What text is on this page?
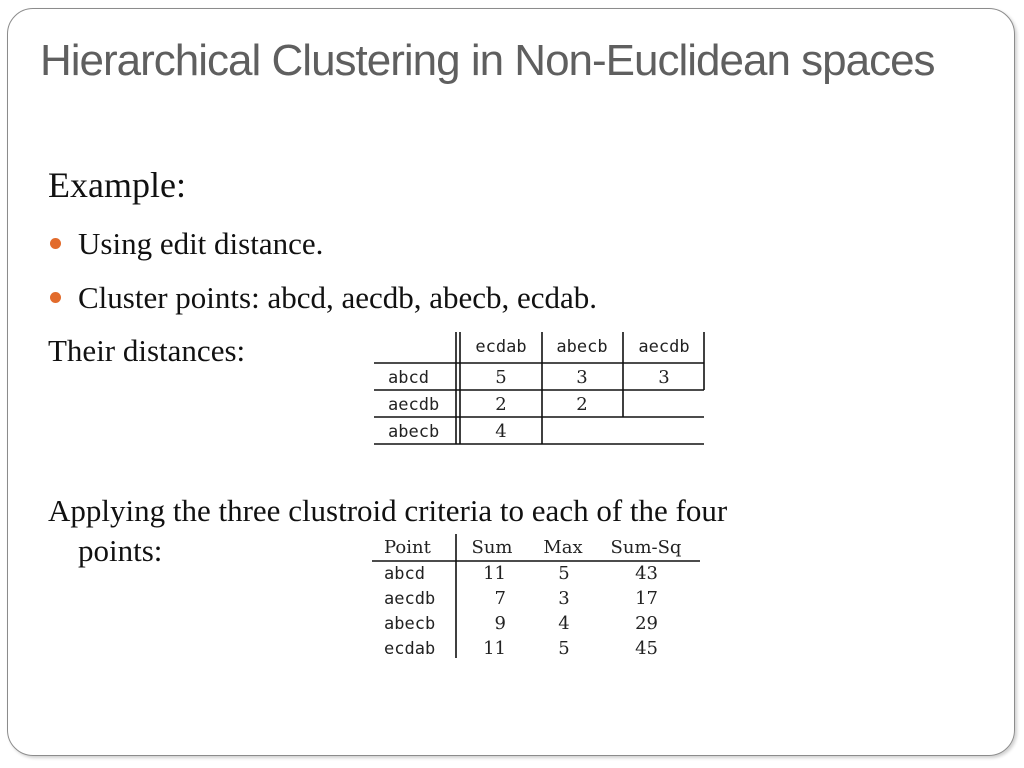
Hierarchical Clustering in Non-Euclidean spaces
Example:
Using edit distance.
Cluster points: abcd, aecdb, abecb, ecdab.
Their distances:	ecdab abecb aecdb
abcd	5	3	3
aecdb	2	2
abecb	4
Applying the three clustroid criteria to each of the four
points:	Point Sum Max Sum-Sq
abcd	11	5	43
aecdb	7	3	17
abecb	9	4	29
ecdab	11	5	45
